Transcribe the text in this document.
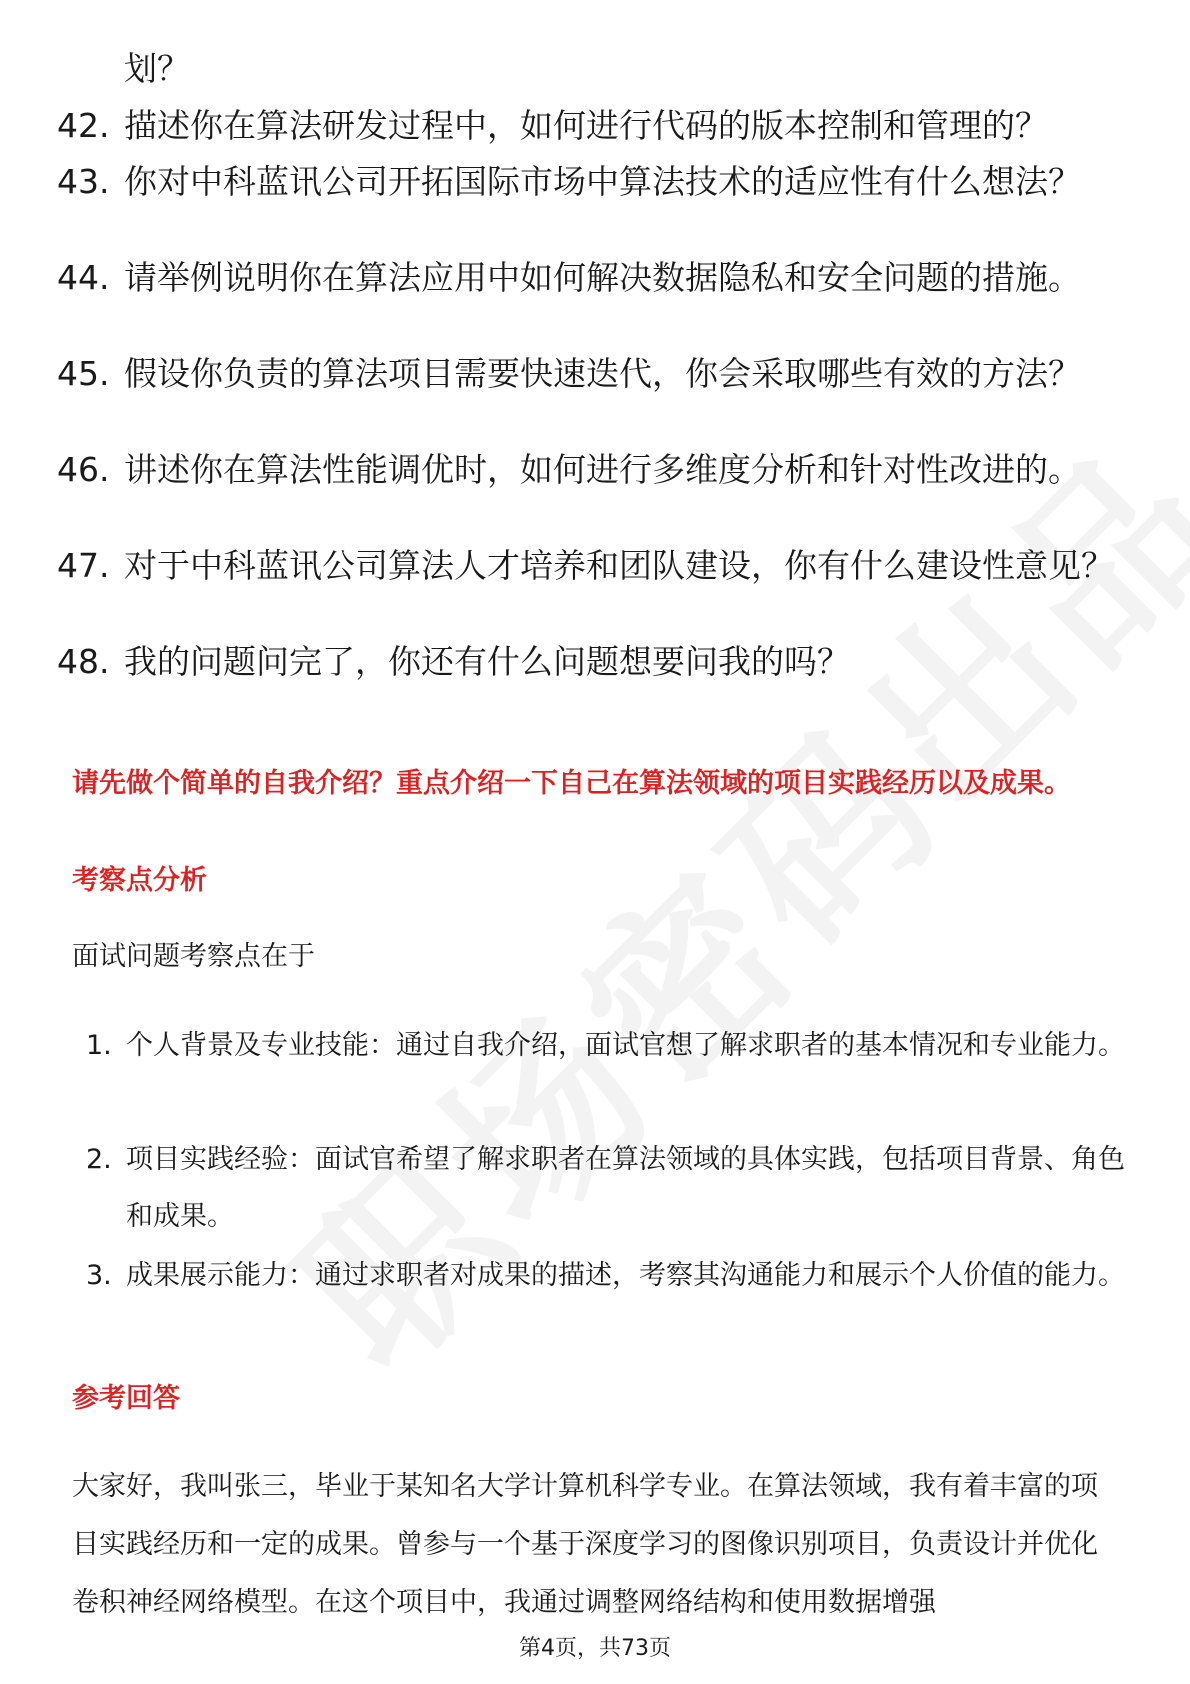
划？
42. 描述你在算法研发过程中，如何进行代码的版本控制和管理的？
43. 你对中科蓝讯公司开拓国际市场中算法技术的适应性有什么想法？
44. 请举例说明你在算法应用中如何解决数据隐私和安全问题的措施。
45. 假设你负责的算法项目需要快速迭代，你会采取哪些有效的方法？
46. 讲述你在算法性能调优时，如何进行多维度分析和针对性改进的。
47. 对于中科蓝讯公司算法人才培养和团队建设，你有什么建设性意见？
48. 我的问题问完了，你还有什么问题想要问我的吗？
请先做个简单的自我介绍？重点介绍一下自己在算法领域的项目实践经历以及成果。
考察点分析
面试问题考察点在于
1. 个人背景及专业技能：通过自我介绍，面试官想了解求职者的基本情况和专业能力。
2. 项目实践经验：面试官希望了解求职者在算法领域的具体实践，包括项目背景、角色和成果。
3. 成果展示能力：通过求职者对成果的描述，考察其沟通能力和展示个人价值的能力。
参考回答
大家好，我叫张三，毕业于某知名大学计算机科学专业。在算法领域，我有着丰富的项目实践经历和一定的成果。曾参与一个基于深度学习的图像识别项目，负责设计并优化卷积神经网络模型。在这个项目中，我通过调整网络结构和使用数据增强
第4页，共73页
